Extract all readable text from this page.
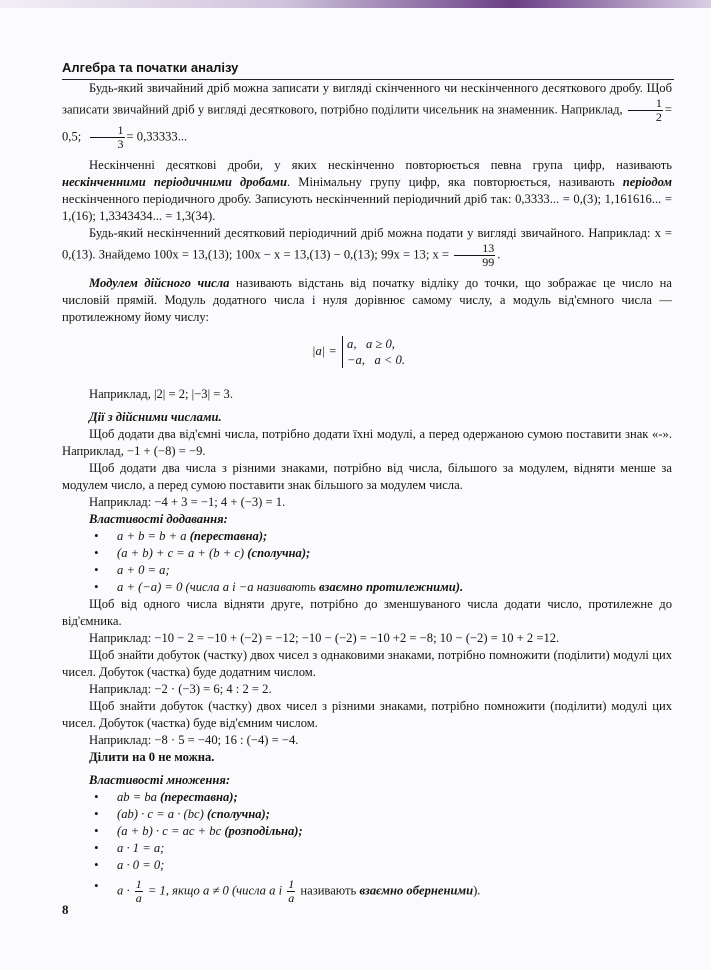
Алгебра та початки аналізу

Будь-який звичайний дріб можна записати у вигляді скінченного чи нескінченного десяткового дробу. Щоб записати звичайний дріб у вигляді десяткового, потрібно поділити чисельник на знаменник. Наприклад, $\frac{1}{2} = 0,5$; $\frac{1}{3} = 0,33333$...

Нескінченні десяткові дроби, у яких нескінченно повторюється певна група цифр, називають нескінченними періодичними дробами. Мінімальну групу цифр, яка повторюється, називають періодом нескінченного періодичного дробу. Записують нескінченний періодичний дріб так: 0,3333... = 0,(3); 1,161616... = 1,(16); 1,3343434... = 1,3(34).

Будь-який нескінченний десятковий періодичний дріб можна подати у вигляді звичайного. Наприклад: x = 0,(13). Знайдемо 100x = 13,(13); 100x − x = 13,(13) − 0,(13); 99x = 13; $x = \frac{13}{99}$ .

Модулем дійсного числа називають відстань від початку відліку до точки, що зображає це число на числовій прямій. Модуль додатного числа і нуля дорівнює самому числу, а модуль від'ємного числа — протилежному йому числу:

|a| = a, a ≥ 0,
−a, a < 0.

Наприклад, |2| = 2; |−3| = 3.

Дії з дійсними числами.

Щоб додати два від'ємні числа, потрібно додати їхні модулі, а перед одержаною сумою поставити знак «-». Наприклад, −1 + (−8) = −9.

Щоб додати два числа з різними знаками, потрібно від числа, більшого за модулем, відняти менше за модулем число, а перед сумою поставити знак більшого за модулем числа.

Наприклад: −4 + 3 = −1; 4 + (−3) = 1.

Властивості додавання:

• a + b = b + a (переставна);
• (a + b) + c = a + (b + c) (сполучна);
• a + 0 = a;
• a + (−a) = 0 (числа a і −a називають взаємно протилежними).

Щоб від одного числа відняти друге, потрібно до зменшуваного числа додати число, протилежне до від'ємника.

Наприклад: −10 − 2 = −10 + (−2) = −12; −10 − (−2) = −10 +2 = −8; 10 − (−2) = 10 + 2 =12.

Щоб знайти добуток (частку) двох чисел з однаковими знаками, потрібно помножити (поділити) модулі цих чисел. Добуток (частка) буде додатним числом.

Наприклад: −2 · (−3) = 6; 4 : 2 = 2.

Щоб знайти добуток (частку) двох чисел з різними знаками, потрібно помножити (поділити) модулі цих чисел. Добуток (частка) буде від'ємним числом.

Наприклад: −8 · 5 = −40; 16 : (−4) = −4.

Ділити на 0 не можна.

Властивості множення:

• ab = ba (переставна);
• (ab) · c = a · (bc) (сполучна);
• (a + b) · c = ac + bc (розподільна);
• a · 1 = a;
• a · 0 = 0;
• $a \cdot \frac{1}{a} = 1$, якщо a ≠ 0 (числа a і $\frac{1}{a}$ називають взаємно оберненими).
8
